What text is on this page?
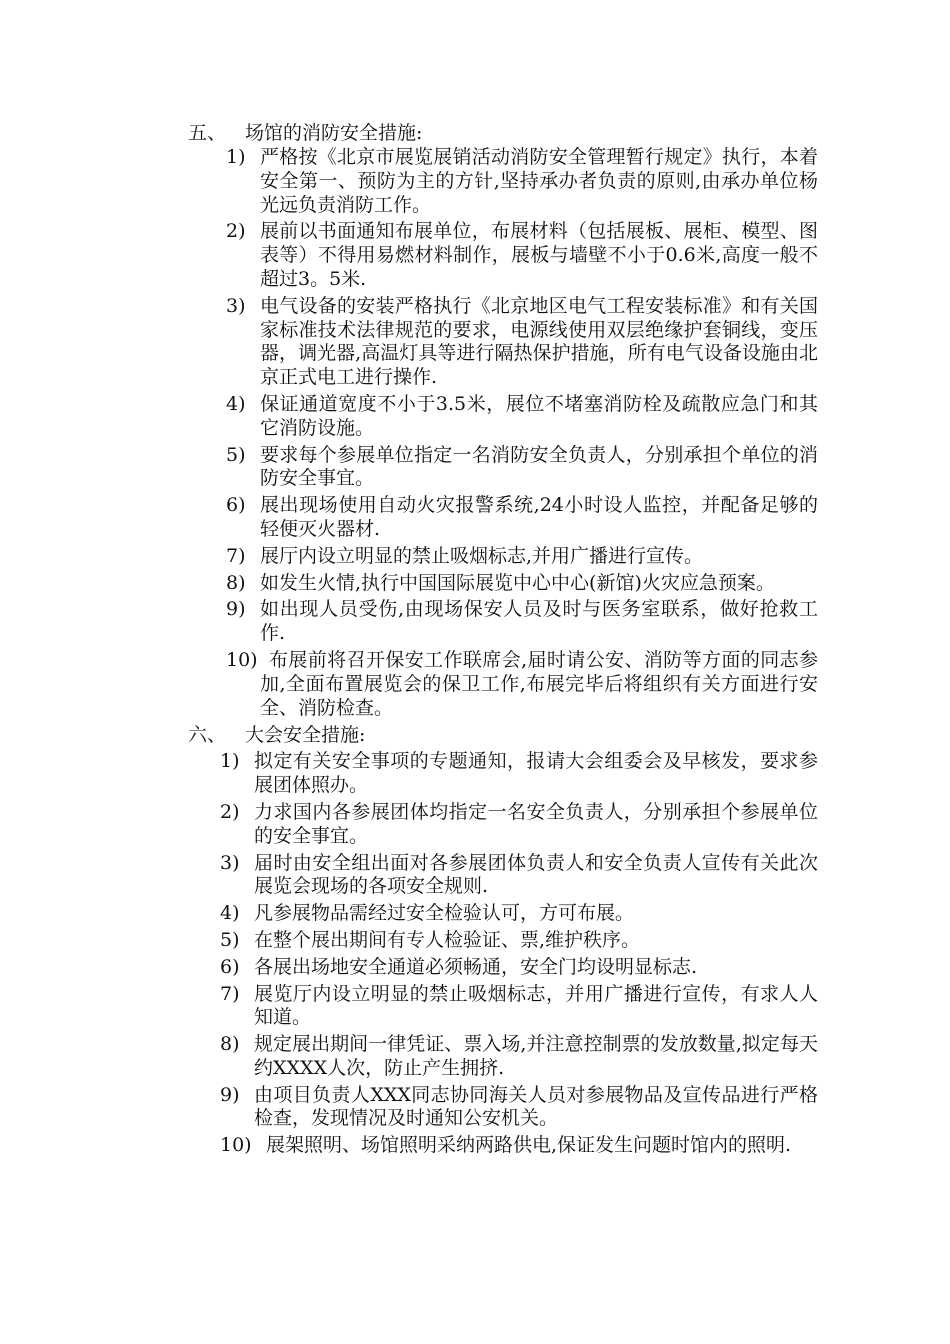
五、 场馆的消防安全措施:
1) 严格按《北京市展览展销活动消防安全管理暂行规定》执行，本着安全第一、预防为主的方针,坚持承办者负责的原则,由承办单位杨光远负责消防工作。
2) 展前以书面通知布展单位，布展材料（包括展板、展柜、模型、图表等）不得用易燃材料制作，展板与墙壁不小于0.6米,高度一般不超过3。5米.
3) 电气设备的安装严格执行《北京地区电气工程安装标准》和有关国家标准技术法律规范的要求，电源线使用双层绝缘护套铜线，变压器，调光器,高温灯具等进行隔热保护措施，所有电气设备设施由北京正式电工进行操作.
4) 保证通道宽度不小于3.5米，展位不堵塞消防栓及疏散应急门和其它消防设施。
5) 要求每个参展单位指定一名消防安全负责人，分别承担个单位的消防安全事宜。
6) 展出现场使用自动火灾报警系统,24小时设人监控，并配备足够的轻便灭火器材.
7) 展厅内设立明显的禁止吸烟标志,并用广播进行宣传。
8) 如发生火情,执行中国国际展览中心中心(新馆)火灾应急预案。
9) 如出现人员受伤,由现场保安人员及时与医务室联系，做好抢救工作.
10) 布展前将召开保安工作联席会,届时请公安、消防等方面的同志参加,全面布置展览会的保卫工作,布展完毕后将组织有关方面进行安全、消防检查。
六、 大会安全措施:
1) 拟定有关安全事项的专题通知，报请大会组委会及早核发，要求参展团体照办。
2) 力求国内各参展团体均指定一名安全负责人，分别承担个参展单位的安全事宜。
3) 届时由安全组出面对各参展团体负责人和安全负责人宣传有关此次展览会现场的各项安全规则.
4) 凡参展物品需经过安全检验认可，方可布展。
5) 在整个展出期间有专人检验证、票,维护秩序。
6) 各展出场地安全通道必须畅通，安全门均设明显标志.
7) 展览厅内设立明显的禁止吸烟标志，并用广播进行宣传，有求人人知道。
8) 规定展出期间一律凭证、票入场,并注意控制票的发放数量,拟定每天约XXXX人次，防止产生拥挤.
9) 由项目负责人XXX同志协同海关人员对参展物品及宣传品进行严格检查，发现情况及时通知公安机关。
10) 展架照明、场馆照明采纳两路供电,保证发生问题时馆内的照明.
